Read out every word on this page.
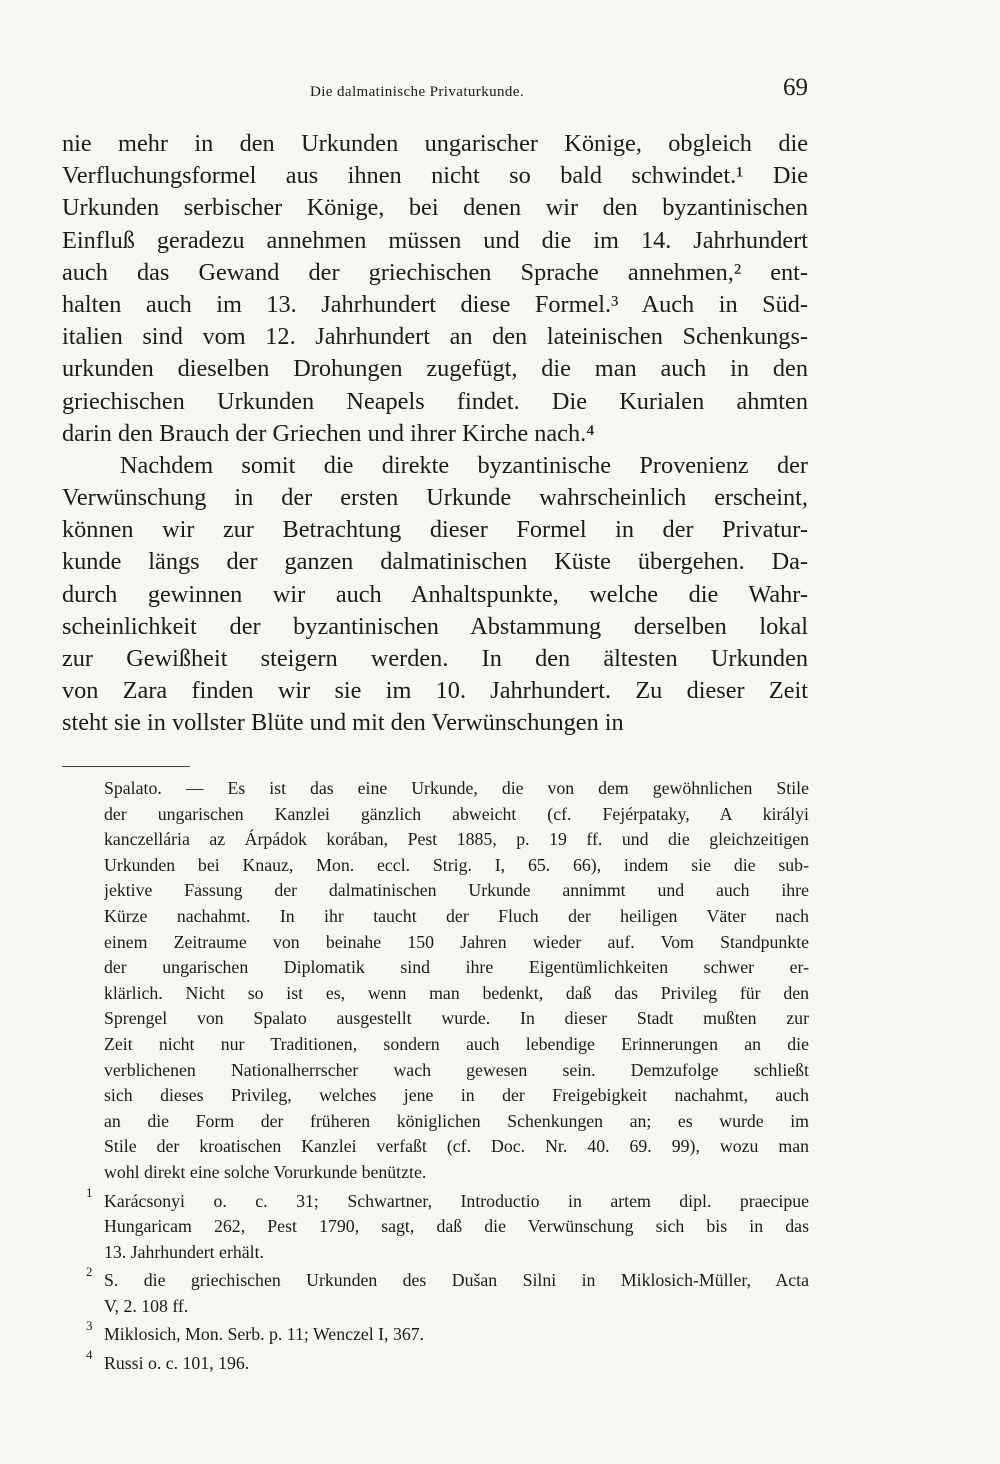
Die dalmatinische Privaturkunde.	69
nie mehr in den Urkunden ungarischer Könige, obgleich die
Verfluchungsformel aus ihnen nicht so bald schwindet.¹ Die
Urkunden serbischer Könige, bei denen wir den byzantinischen
Einfluß geradezu annehmen müssen und die im 14. Jahrhundert
auch das Gewand der griechischen Sprache annehmen,² ent-
halten auch im 13. Jahrhundert diese Formel.³ Auch in Süd-
italien sind vom 12. Jahrhundert an den lateinischen Schenkungs-
urkunden dieselben Drohungen zugefügt, die man auch in den
griechischen Urkunden Neapels findet. Die Kurialen ahmten
darin den Brauch der Griechen und ihrer Kirche nach.⁴
Nachdem somit die direkte byzantinische Provenienz der
Verwünschung in der ersten Urkunde wahrscheinlich erscheint,
können wir zur Betrachtung dieser Formel in der Privatur-
kunde längs der ganzen dalmatinischen Küste übergehen. Da-
durch gewinnen wir auch Anhaltspunkte, welche die Wahr-
scheinlichkeit der byzantinischen Abstammung derselben lokal
zur Gewißheit steigern werden. In den ältesten Urkunden
von Zara finden wir sie im 10. Jahrhundert. Zu dieser Zeit
steht sie in vollster Blüte und mit den Verwünschungen in
Spalato. — Es ist das eine Urkunde, die von dem gewöhnlichen Stile
der ungarischen Kanzlei gänzlich abweicht (cf. Fejérpataky, A királyi
kanczellária az Árpádok korában, Pest 1885, p. 19 ff. und die gleichzeitigen
Urkunden bei Knauz, Mon. eccl. Strig. I, 65. 66), indem sie die sub-
jektive Fassung der dalmatinischen Urkunde annimmt und auch ihre
Kürze nachahmt. In ihr taucht der Fluch der heiligen Väter nach
einem Zeitraume von beinahe 150 Jahren wieder auf. Vom Standpunkte
der ungarischen Diplomatik sind ihre Eigentümlichkeiten schwer er-
klärlich. Nicht so ist es, wenn man bedenkt, daß das Privileg für den
Sprengel von Spalato ausgestellt wurde. In dieser Stadt mußten zur
Zeit nicht nur Traditionen, sondern auch lebendige Erinnerungen an die
verblichenen Nationalherrscher wach gewesen sein. Demzufolge schließt
sich dieses Privileg, welches jene in der Freigebigkeit nachahmt, auch
an die Form der früheren königlichen Schenkungen an; es wurde im
Stile der kroatischen Kanzlei verfaßt (cf. Doc. Nr. 40. 69. 99), wozu man
wohl direkt eine solche Vorurkunde benützte.
1 Karácsonyi o. c. 31; Schwartner, Introductio in artem dipl. praecipue
Hungaricam 262, Pest 1790, sagt, daß die Verwünschung sich bis in das
13. Jahrhundert erhält.
2 S. die griechischen Urkunden des Dušan Silni in Miklosich-Müller, Acta
V, 2. 108 ff.
3 Miklosich, Mon. Serb. p. 11; Wenczel I, 367.
4 Russi o. c. 101, 196.
